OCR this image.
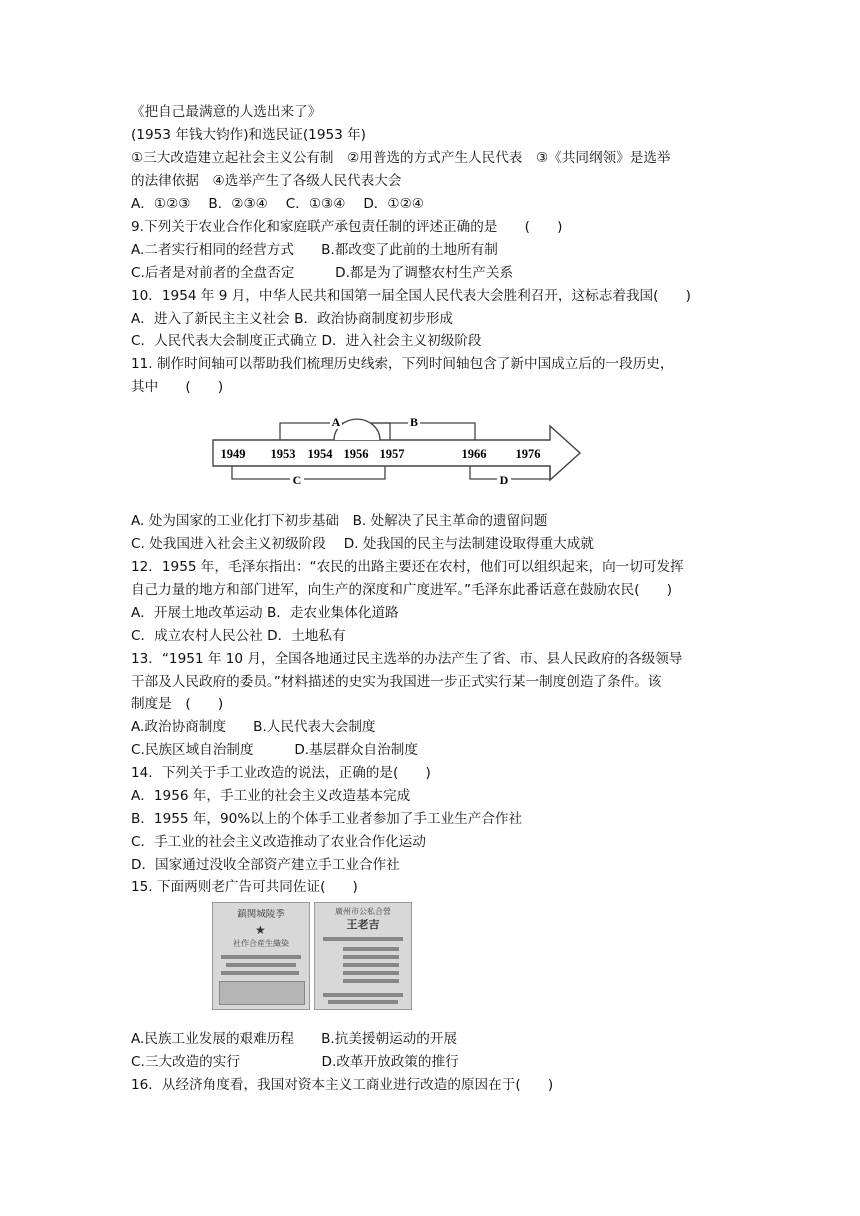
《把自己最满意的人选出来了》
(1953 年钱大钧作)和选民证(1953 年)
①三大改造建立起社会主义公有制　②用普选的方式产生人民代表　③《共同纲领》是选举
的法律依据　④选举产生了各级人民代表大会
A．①②③　 B．②③④　 C．①③④　 D．①②④
9.下列关于农业合作化和家庭联产承包责任制的评述正确的是　　(　　)
A.二者实行相同的经营方式　　B.都改变了此前的土地所有制
C.后者是对前者的全盘否定　　　D.都是为了调整农村生产关系
10．1954 年 9 月，中华人民共和国第一届全国人民代表大会胜利召开，这标志着我国(　　)
A．进入了新民主主义社会 B．政治协商制度初步形成
C．人民代表大会制度正式确立 D．进入社会主义初级阶段
11. 制作时间轴可以帮助我们梳理历史线索，下列时间轴包含了新中国成立后的一段历史，
其中　　(　　)
A	B
C	D
1949 1953 1954 1956 1957	1966 1976
A. 处为国家的工业化打下初步基础　B. 处解决了民主革命的遗留问题
C. 处我国进入社会主义初级阶段　 D. 处我国的民主与法制建设取得重大成就
12．1955 年，毛泽东指出：“农民的出路主要还在农村，他们可以组织起来，向一切可发挥
自己力量的地方和部门进军，向生产的深度和广度进军。”毛泽东此番话意在鼓励农民(　　)
A．开展土地改革运动 B．走农业集体化道路
C．成立农村人民公社 D．土地私有
13．“1951 年 10 月，全国各地通过民主选举的办法产生了省、市、县人民政府的各级领导
干部及人民政府的委员。”材料描述的史实为我国进一步正式实行某一制度创造了条件。该
制度是　(　　)
A.政治协商制度　　B.人民代表大会制度
C.民族区域自治制度　　　D.基层群众自治制度
14．下列关于手工业改造的说法，正确的是(　　)
A．1956 年，手工业的社会主义改造基本完成
B．1955 年，90%以上的个体手工业者参加了手工业生产合作社
C．手工业的社会主义改造推动了农业合作化运动
D．国家通过没收全部资产建立手工业合作社
15. 下面两则老广告可共同佐证(　　)
鎮関城陵季
★
社作合産生織染
廣州市公私合營
王老吉
A.民族工业发展的艰难历程　　B.抗美援朝运动的开展
C.三大改造的实行　　　　　　D.改革开放政策的推行
16．从经济角度看，我国对资本主义工商业进行改造的原因在于(　　)
